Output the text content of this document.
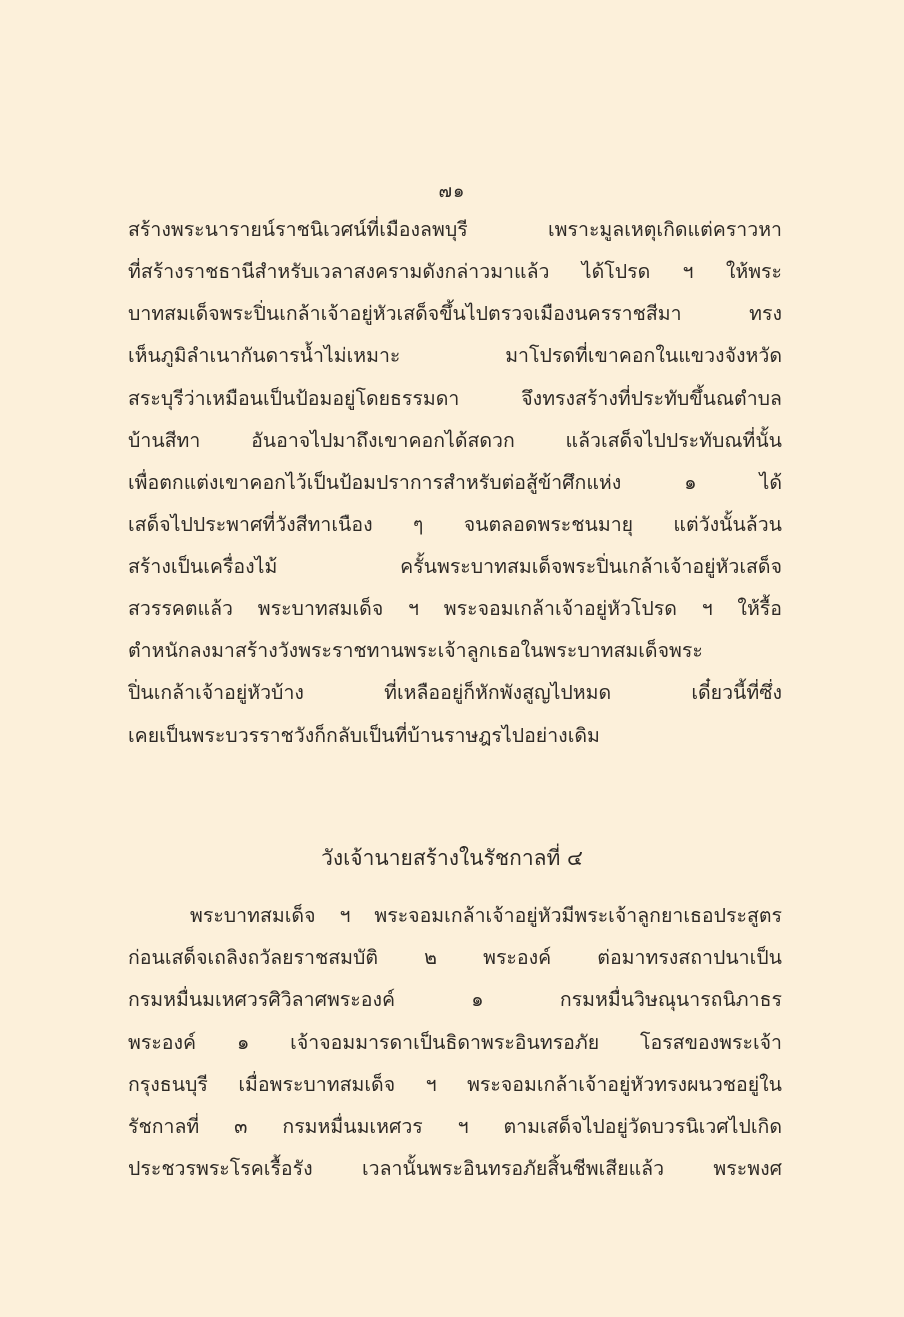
๗๑
สร้างพระนารายน์ราชนิเวศน์ที่เมืองลพบุรี เพราะมูลเหตุเกิดแต่คราวหา
ที่สร้างราชธานีสำหรับเวลาสงครามดังกล่าวมาแล้ว ได้โปรด ฯ ให้พระ
บาทสมเด็จพระปิ่นเกล้าเจ้าอยู่หัวเสด็จขึ้นไปตรวจเมืองนครราชสีมา ทรง
เห็นภูมิลำเนากันดารน้ำไม่เหมาะ มาโปรดที่เขาคอกในแขวงจังหวัด
สระบุรีว่าเหมือนเป็นป้อมอยู่โดยธรรมดา จึงทรงสร้างที่ประทับขึ้นณตำบล
บ้านสีทา อันอาจไปมาถึงเขาคอกได้สดวก แล้วเสด็จไปประทับณที่นั้น
เพื่อตกแต่งเขาคอกไว้เป็นป้อมปราการสำหรับต่อสู้ข้าศึกแห่ง ๑ ได้
เสด็จไปประพาศที่วังสีทาเนือง ๆ จนตลอดพระชนมายุ แต่วังนั้นล้วน
สร้างเป็นเครื่องไม้ ครั้นพระบาทสมเด็จพระปิ่นเกล้าเจ้าอยู่หัวเสด็จ
สวรรคตแล้ว พระบาทสมเด็จ ฯ พระจอมเกล้าเจ้าอยู่หัวโปรด ฯ ให้รื้อ
ตำหนักลงมาสร้างวังพระราชทานพระเจ้าลูกเธอในพระบาทสมเด็จพระ
ปิ่นเกล้าเจ้าอยู่หัวบ้าง ที่เหลืออยู่ก็หักพังสูญไปหมด เดี๋ยวนี้ที่ซึ่ง
เคยเป็นพระบวรราชวังก็กลับเป็นที่บ้านราษฎรไปอย่างเดิม
วังเจ้านายสร้างในรัชกาลที่ ๔
พระบาทสมเด็จ ฯ พระจอมเกล้าเจ้าอยู่หัวมีพระเจ้าลูกยาเธอประสูตร
ก่อนเสด็จเถลิงถวัลยราชสมบัติ ๒ พระองค์ ต่อมาทรงสถาปนาเป็น
กรมหมื่นมเหศวรศิวิลาศพระองค์ ๑ กรมหมื่นวิษณุนารถนิภาธร
พระองค์ ๑ เจ้าจอมมารดาเป็นธิดาพระอินทรอภัย โอรสของพระเจ้า
กรุงธนบุรี เมื่อพระบาทสมเด็จ ฯ พระจอมเกล้าเจ้าอยู่หัวทรงผนวชอยู่ใน
รัชกาลที่ ๓ กรมหมื่นมเหศวร ฯ ตามเสด็จไปอยู่วัดบวรนิเวศไปเกิด
ประชวรพระโรคเรื้อรัง เวลานั้นพระอินทรอภัยสิ้นชีพเสียแล้ว พระพงศ
